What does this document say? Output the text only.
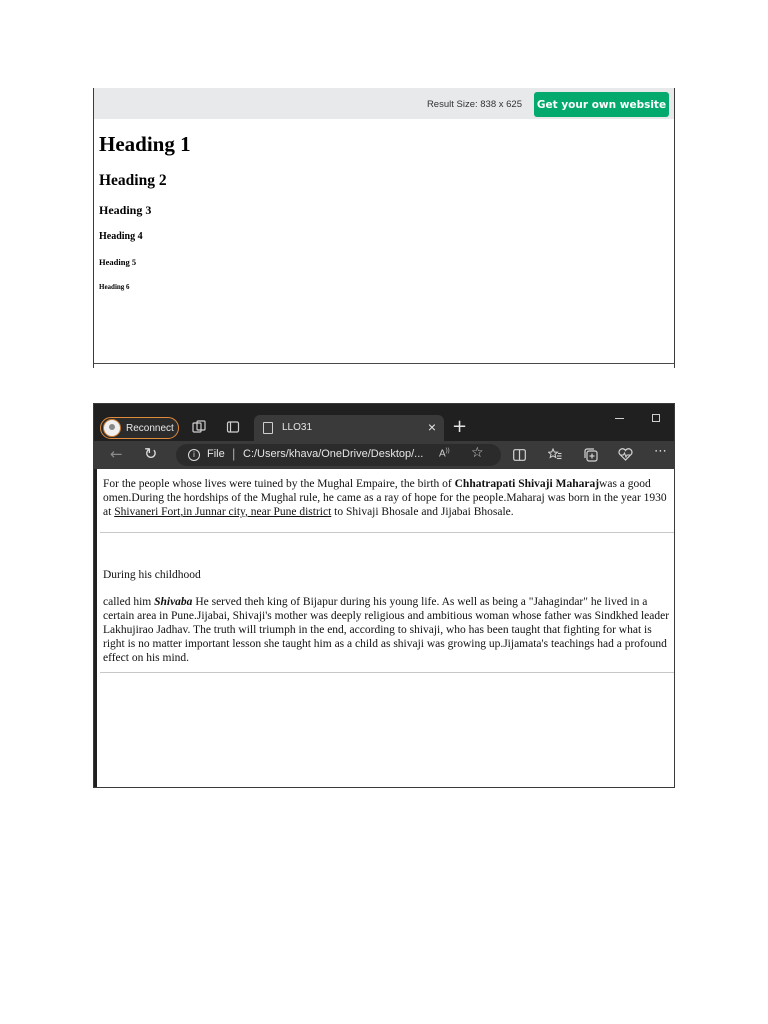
Result Size: 838 x 625 Get your own website
Heading 1
Heading 2
Heading 3
Heading 4
Heading 5
Heading 6
Reconnect	LLO31	× +
← ↻	i	File | C:/Users/khava/OneDrive/Desktop/... A)) ☆	⋯

For the people whose lives were tuined by the Mughal Empaire, the birth of Chhatrapati Shivaji Maharajwas a good omen.During the hordships of the Mughal rule, he came as a ray of hope for the people.Maharaj was born in the year 1930 at Shivaneri Fort,in Junnar city, near Pune district to Shivaji Bhosale and Jijabai Bhosale.

During his childhood

called him Shivaba He served theh king of Bijapur during his young life. As well as being a "Jahagindar" he lived in a certain area in Pune.Jijabai, Shivaji's mother was deeply religious and ambitious woman whose father was Sindkhed leader Lakhujirao Jadhav. The truth will triumph in the end, according to shivaji, who has been taught that fighting for what is right is no matter important lesson she taught him as a child as shivaji was growing up.Jijamata's teachings had a profound effect on his mind.
